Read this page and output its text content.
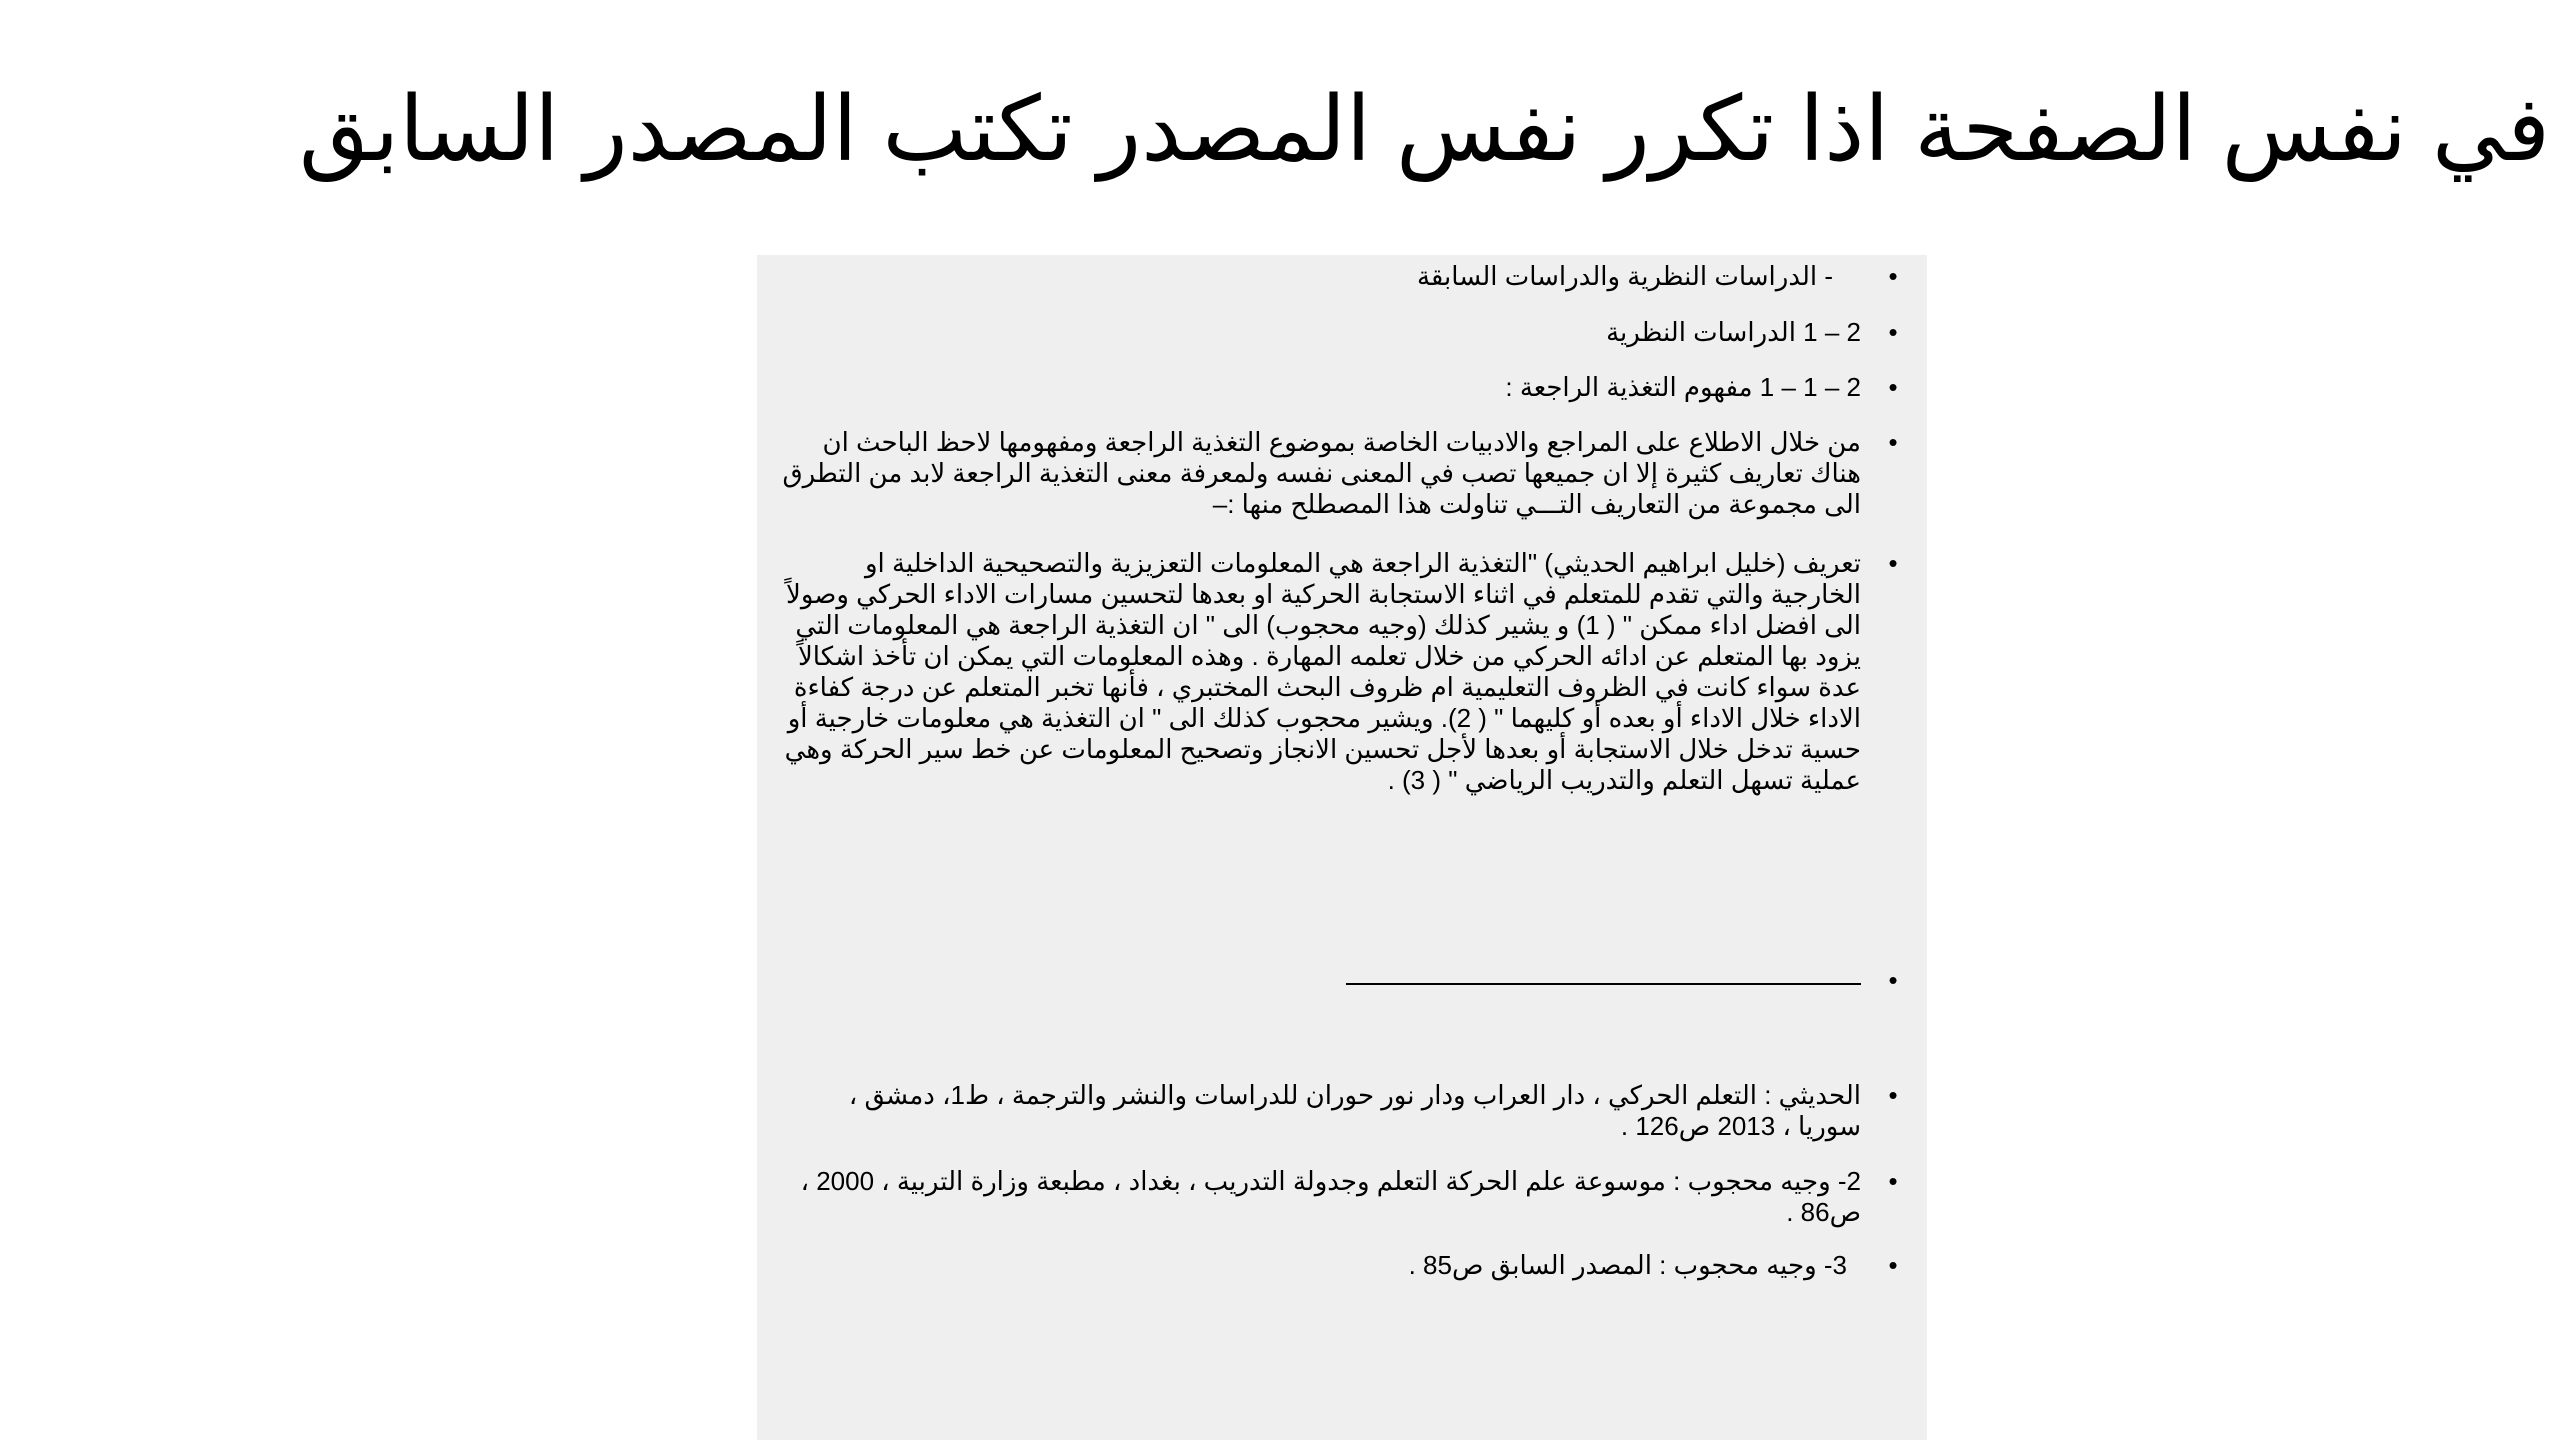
في نفس الصفحة اذا تكرر نفس المصدر تكتب المصدر السابق
•
- الدراسات النظرية والدراسات السابقة
•
2 – 1 الدراسات النظرية
•
2 – 1 – 1 مفهوم التغذية الراجعة :
•
من خلال الاطلاع على المراجع والادبيات الخاصة بموضوع التغذية الراجعة ومفهومها لاحظ الباحث ان هناك تعاريف كثيرة إلا ان جميعها تصب في المعنى نفسه ولمعرفة معنى التغذية الراجعة لابد من التطرق الى مجموعة من التعاريف التـــي تناولت هذا المصطلح منها :–
•
تعريف (خليل ابراهيم الحديثي) "التغذية الراجعة هي المعلومات التعزيزية والتصحيحية الداخلية او الخارجية والتي تقدم للمتعلم في اثناء الاستجابة الحركية او بعدها لتحسين مسارات الاداء الحركي وصولاً الى افضل اداء ممكن " ( 1) و يشير كذلك (وجيه محجوب) الى " ان التغذية الراجعة هي المعلومات التي يزود بها المتعلم عن ادائه الحركي من خلال تعلمه المهارة . وهذه المعلومات التي يمكن ان تأخذ اشكالاً عدة سواء كانت في الظروف التعليمية ام ظروف البحث المختبري ، فأنها تخبر المتعلم عن درجة كفاءة الاداء خلال الاداء أو بعده أو كليهما " ( 2). ويشير محجوب كذلك الى " ان التغذية هي معلومات خارجية أو حسية تدخل خلال الاستجابة أو بعدها لأجل تحسين الانجاز وتصحيح المعلومات عن خط سير الحركة وهي عملية تسهل التعلم والتدريب الرياضي " ( 3) .
•
•
الحديثي : التعلم الحركي ، دار العراب ودار نور حوران للدراسات والنشر والترجمة ، ط1، دمشق ، سوريا ، 2013 ص126 .
•
2- وجيه محجوب : موسوعة علم الحركة التعلم وجدولة التدريب ، بغداد ، مطبعة وزارة التربية ، 2000 ، ص86 .
•
3- وجيه محجوب : المصدر السابق ص85 .
